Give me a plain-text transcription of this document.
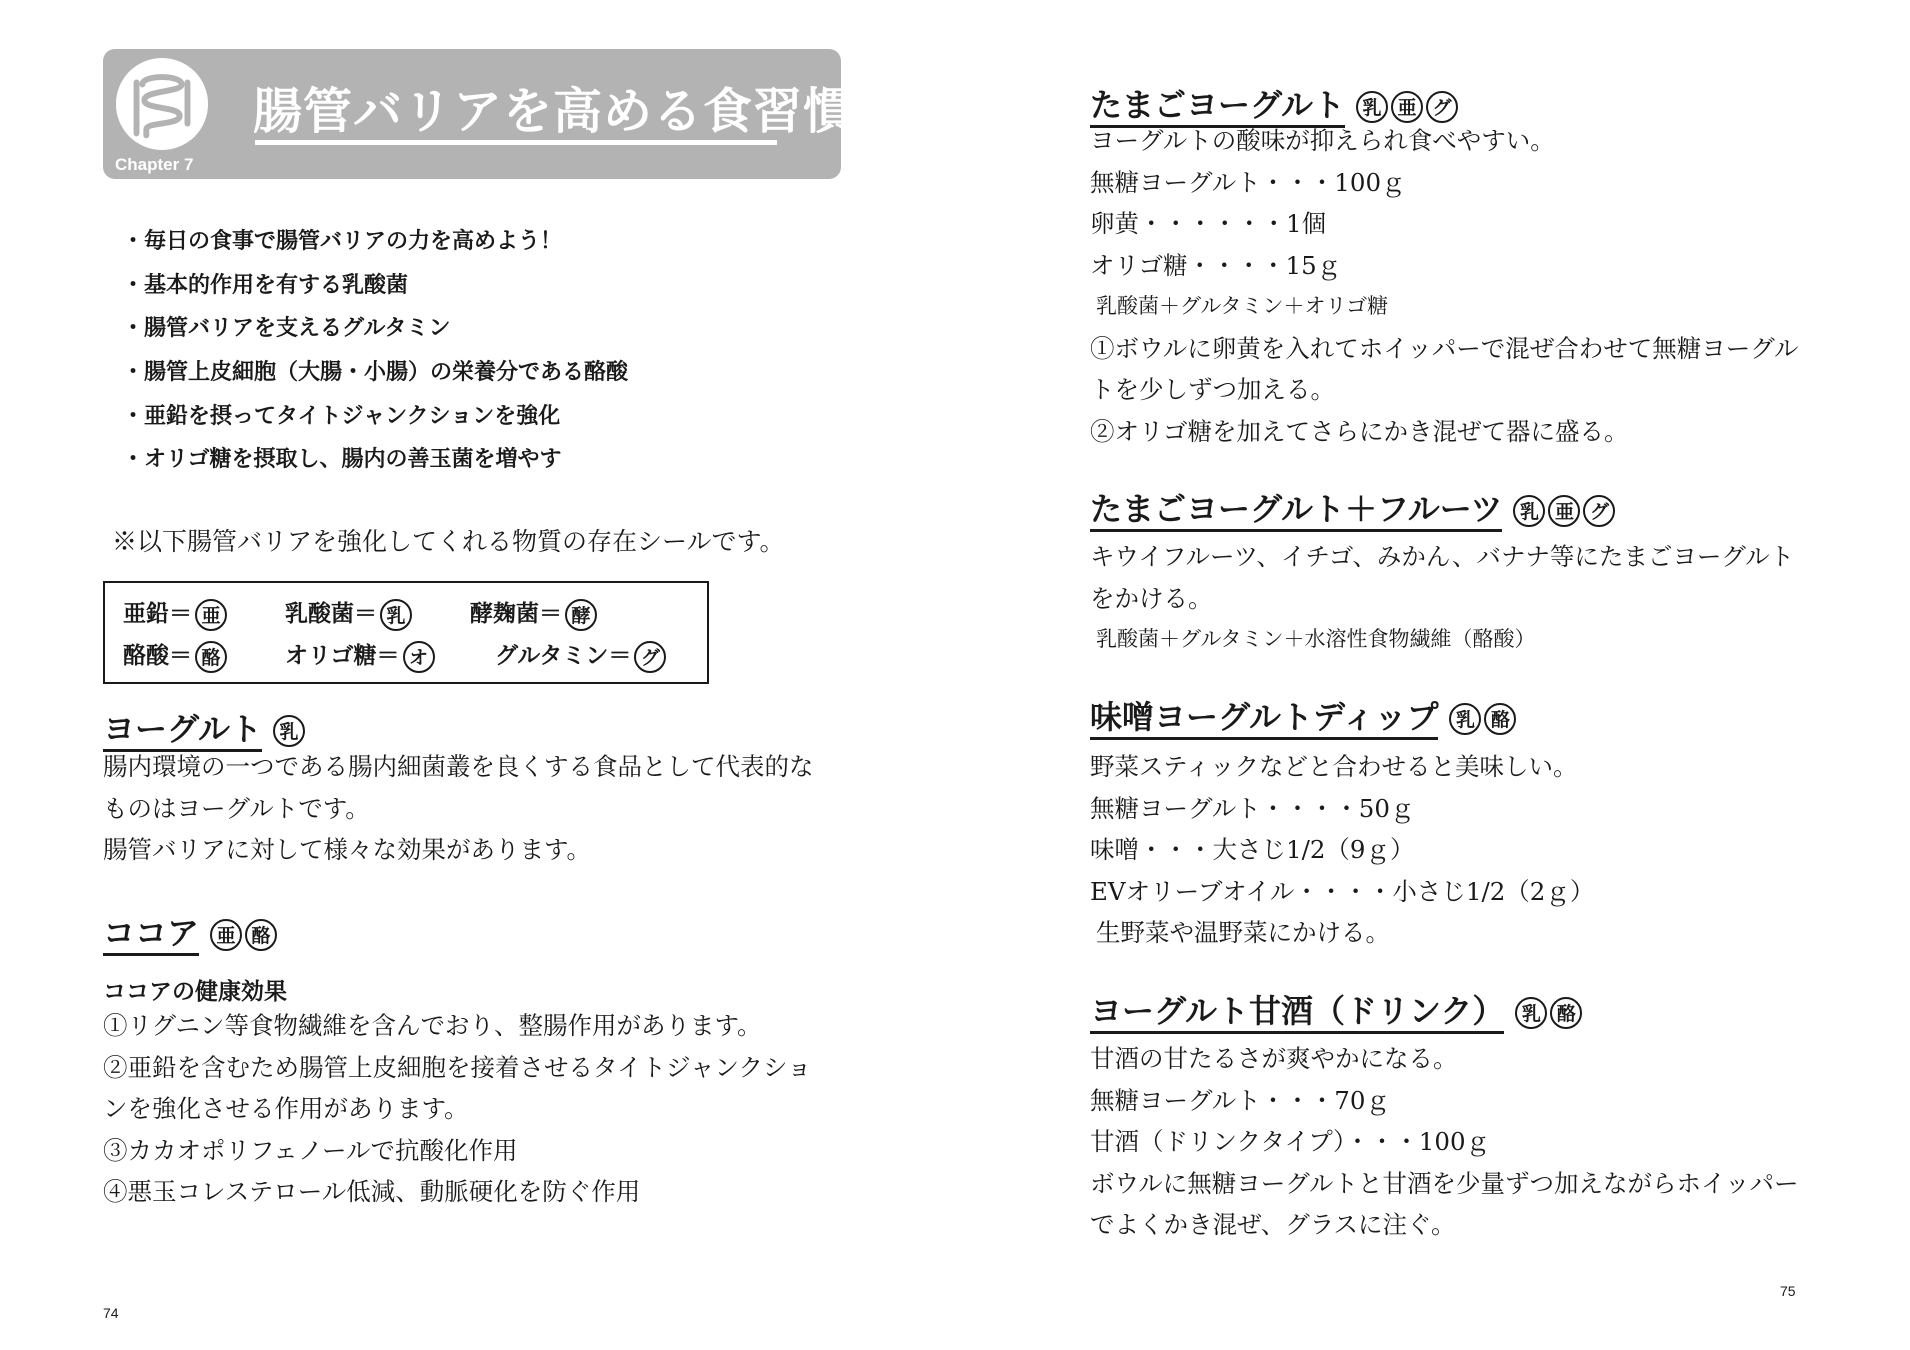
腸管バリアを高める食習慣
Chapter 7
・毎日の食事で腸管バリアの力を高めよう！
・基本的作用を有する乳酸菌
・腸管バリアを支えるグルタミン
・腸管上皮細胞（大腸・小腸）の栄養分である酪酸
・亜鉛を摂ってタイトジャンクションを強化
・オリゴ糖を摂取し、腸内の善玉菌を増やす
※以下腸管バリアを強化してくれる物質の存在シールです。
亜鉛＝ 亜	乳酸菌＝ 乳	酵麹菌＝ 酵
酪酸＝ 酪	オリゴ糖＝ オ	グルタミン＝ グ
ヨーグルト 乳
腸内環境の一つである腸内細菌叢を良くする食品として代表的な
ものはヨーグルトです。
腸管バリアに対して様々な効果があります。
ココア 亜 酪
ココアの健康効果
①リグニン等食物繊維を含んでおり、整腸作用があります。
②亜鉛を含むため腸管上皮細胞を接着させるタイトジャンクショ
ンを強化させる作用があります。
③カカオポリフェノールで抗酸化作用
④悪玉コレステロール低減、動脈硬化を防ぐ作用
74
たまごヨーグルト 乳 亜 グ
ヨーグルトの酸味が抑えられ食べやすい。
無糖ヨーグルト・・・100ｇ
卵黄・・・・・・1個
オリゴ糖・・・・15ｇ
乳酸菌＋グルタミン＋オリゴ糖
①ボウルに卵黄を入れてホイッパーで混ぜ合わせて無糖ヨーグル
トを少しずつ加える。
②オリゴ糖を加えてさらにかき混ぜて器に盛る。
たまごヨーグルト＋フルーツ 乳 亜 グ
キウイフルーツ、イチゴ、みかん、バナナ等にたまごヨーグルト
をかける。
乳酸菌＋グルタミン＋水溶性食物繊維（酪酸）
味噌ヨーグルトディップ 乳 酪
野菜スティックなどと合わせると美味しい。
無糖ヨーグルト・・・・50ｇ
味噌・・・大さじ1/2（9ｇ）
EVオリーブオイル・・・・小さじ1/2（2ｇ）
生野菜や温野菜にかける。
ヨーグルト甘酒（ドリンク） 乳 酪
甘酒の甘たるさが爽やかになる。
無糖ヨーグルト・・・70ｇ
甘酒（ドリンクタイプ）・・・100ｇ
ボウルに無糖ヨーグルトと甘酒を少量ずつ加えながらホイッパー
でよくかき混ぜ、グラスに注ぐ。
75
